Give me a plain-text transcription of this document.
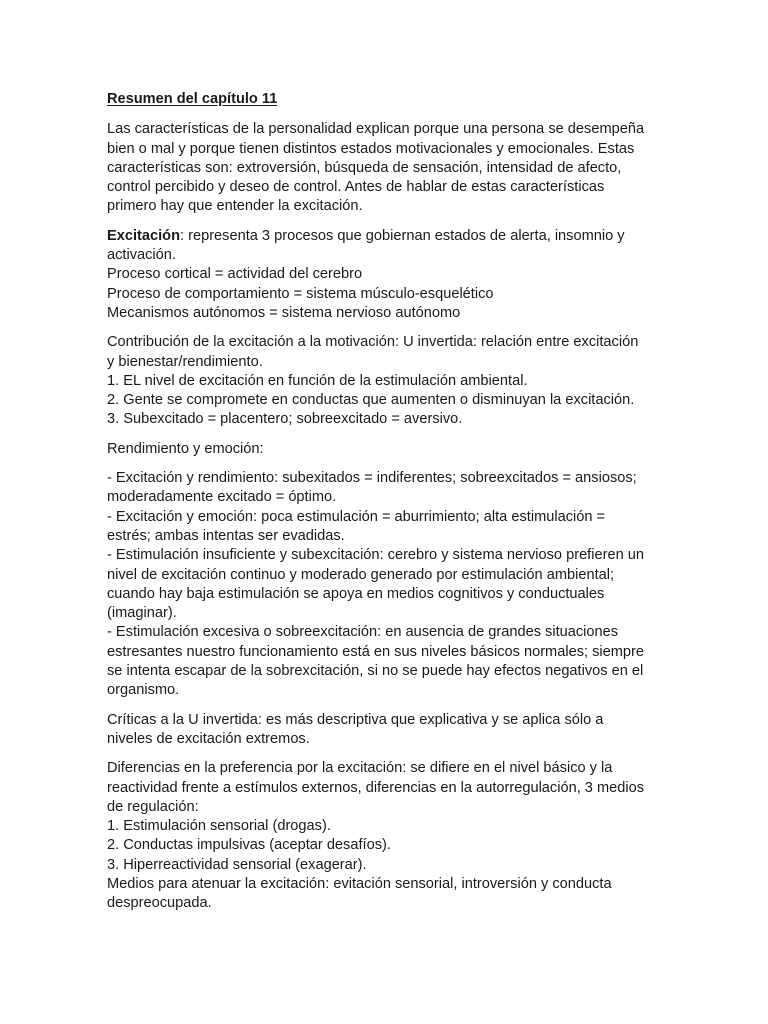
Resumen del capítulo 11
Las características de la personalidad explican porque una persona se desempeña
bien o mal y porque tienen distintos estados motivacionales y emocionales. Estas
características son: extroversión, búsqueda de sensación, intensidad de afecto,
control percibido y deseo de control. Antes de hablar de estas características
primero hay que entender la excitación.
Excitación: representa 3 procesos que gobiernan estados de alerta, insomnio y
activación.
Proceso cortical = actividad del cerebro
Proceso de comportamiento = sistema músculo-esquelético
Mecanismos autónomos = sistema nervioso autónomo
Contribución de la excitación a la motivación: U invertida: relación entre excitación
y bienestar/rendimiento.
1. EL nivel de excitación en función de la estimulación ambiental.
2. Gente se compromete en conductas que aumenten o disminuyan la excitación.
3. Subexcitado = placentero; sobreexcitado = aversivo.
Rendimiento y emoción:
- Excitación y rendimiento: subexitados = indiferentes; sobreexcitados = ansiosos;
moderadamente excitado = óptimo.
- Excitación y emoción: poca estimulación = aburrimiento; alta estimulación =
estrés; ambas intentas ser evadidas.
- Estimulación insuficiente y subexcitación: cerebro y sistema nervioso prefieren un
nivel de excitación continuo y moderado generado por estimulación ambiental;
cuando hay baja estimulación se apoya en medios cognitivos y conductuales
(imaginar).
- Estimulación excesiva o sobreexcitación: en ausencia de grandes situaciones
estresantes nuestro funcionamiento está en sus niveles básicos normales; siempre
se intenta escapar de la sobrexcitación, si no se puede hay efectos negativos en el
organismo.
Críticas a la U invertida: es más descriptiva que explicativa y se aplica sólo a
niveles de excitación extremos.
Diferencias en la preferencia por la excitación: se difiere en el nivel básico y la
reactividad frente a estímulos externos, diferencias en la autorregulación, 3 medios
de regulación:
1. Estimulación sensorial (drogas).
2. Conductas impulsivas (aceptar desafíos).
3. Hiperreactividad sensorial (exagerar).
Medios para atenuar la excitación: evitación sensorial, introversión y conducta
despreocupada.
